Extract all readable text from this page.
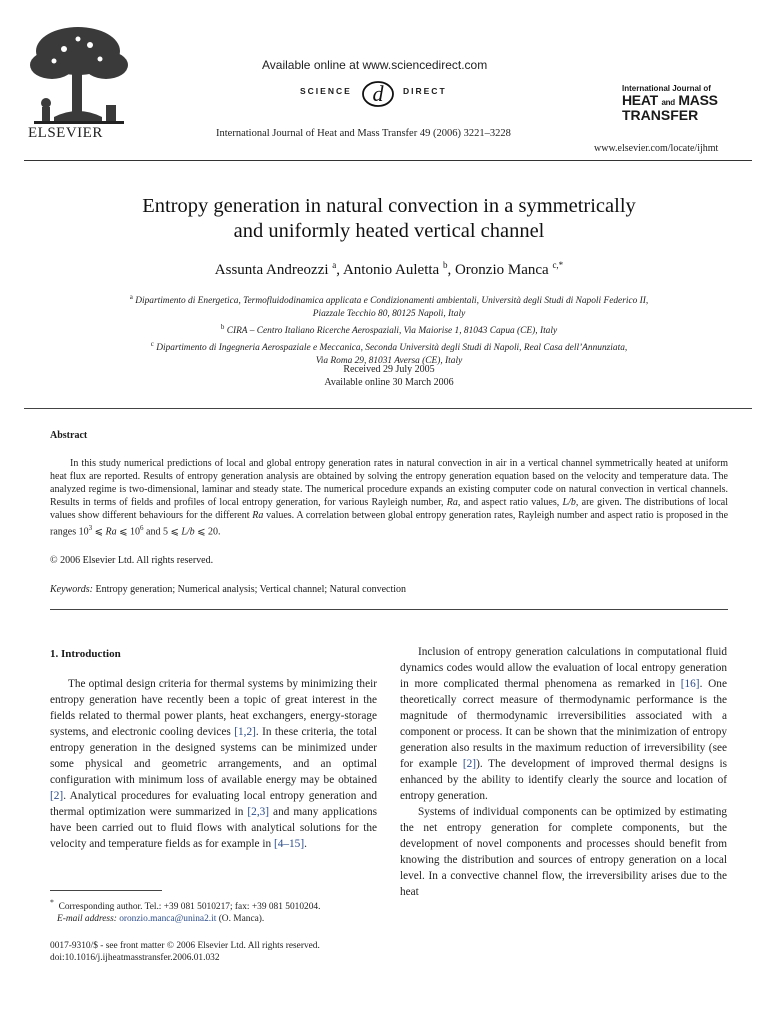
ELSEVIER
Available online at www.sciencedirect.com
SCIENCE d DIRECT
International Journal of Heat and Mass Transfer 49 (2006) 3221–3228
International Journal of
HEAT and MASS
TRANSFER
www.elsevier.com/locate/ijhmt
Entropy generation in natural convection in a symmetrically
and uniformly heated vertical channel
Assunta Andreozzi $^a$, Antonio Auletta $^b$, Oronzio Manca $^{c,*}$
$^a$ Dipartimento di Energetica, Termofluidodinamica applicata e Condizionamenti ambientali, Università degli Studi di Napoli Federico II,
Piazzale Tecchio 80, 80125 Napoli, Italy
$^b$ CIRA – Centro Italiano Ricerche Aerospaziali, Via Maiorise 1, 81043 Capua (CE), Italy
$^c$ Dipartimento di Ingegneria Aerospaziale e Meccanica, Seconda Università degli Studi di Napoli, Real Casa dell’Annunziata,
Via Roma 29, 81031 Aversa (CE), Italy
Received 29 July 2005
Available online 30 March 2006
Abstract
In this study numerical predictions of local and global entropy generation rates in natural convection in air in a vertical channel symmetrically heated at uniform heat flux are reported. Results of entropy generation analysis are obtained by solving the entropy generation equation based on the velocity and temperature data. The analyzed regime is two-dimensional, laminar and steady state. The numerical procedure expands an existing computer code on natural convection in vertical channels. Results in terms of fields and profiles of local entropy generation, for various Rayleigh number, Ra, and aspect ratio values, L/b, are given. The distributions of local values show different behaviours for the different Ra values. A correlation between global entropy generation rates, Rayleigh number and aspect ratio is proposed in the ranges $10^3$ ⩽ Ra ⩽ $10^6$ and 5 ⩽ L/b ⩽ 20.
© 2006 Elsevier Ltd. All rights reserved.
Keywords: Entropy generation; Numerical analysis; Vertical channel; Natural convection
1. Introduction

The optimal design criteria for thermal systems by minimizing their entropy generation have recently been a topic of great interest in the fields related to thermal power plants, heat exchangers, energy-storage systems, and electronic cooling devices [1,2]. In these criteria, the total entropy generation in the designed systems can be minimized under some physical and geometric arrangements, and an optimal configuration with minimum loss of available energy may be obtained [2]. Analytical procedures for evaluating local entropy generation and thermal optimization were summarized in [2,3] and many applications have been carried out to fluid flows with analytical solutions for the velocity and temperature fields as for example in [4–15].

Inclusion of entropy generation calculations in computational fluid dynamics codes would allow the evaluation of local entropy generation in more complicated thermal phenomena as remarked in [16]. One theoretically correct measure of thermodynamic performance is the magnitude of thermodynamic irreversibilities associated with a component or process. It can be shown that the minimization of entropy generation also results in the maximum reduction of irreversibility (see for example [2]). The development of improved thermal designs is enhanced by the ability to identify clearly the source and location of entropy generation.

Systems of individual components can be optimized by estimating the net entropy generation for complete components, but the development of novel components and processes should benefit from knowing the distribution and sources of entropy generation on a local level. In a convective channel flow, the irreversibility arises due to the heat

* Corresponding author. Tel.: +39 081 5010217; fax: +39 081 5010204.
E-mail address: oronzio.manca@unina2.it (O. Manca).
0017-9310/$ - see front matter © 2006 Elsevier Ltd. All rights reserved.
doi:10.1016/j.ijheatmasstransfer.2006.01.032
